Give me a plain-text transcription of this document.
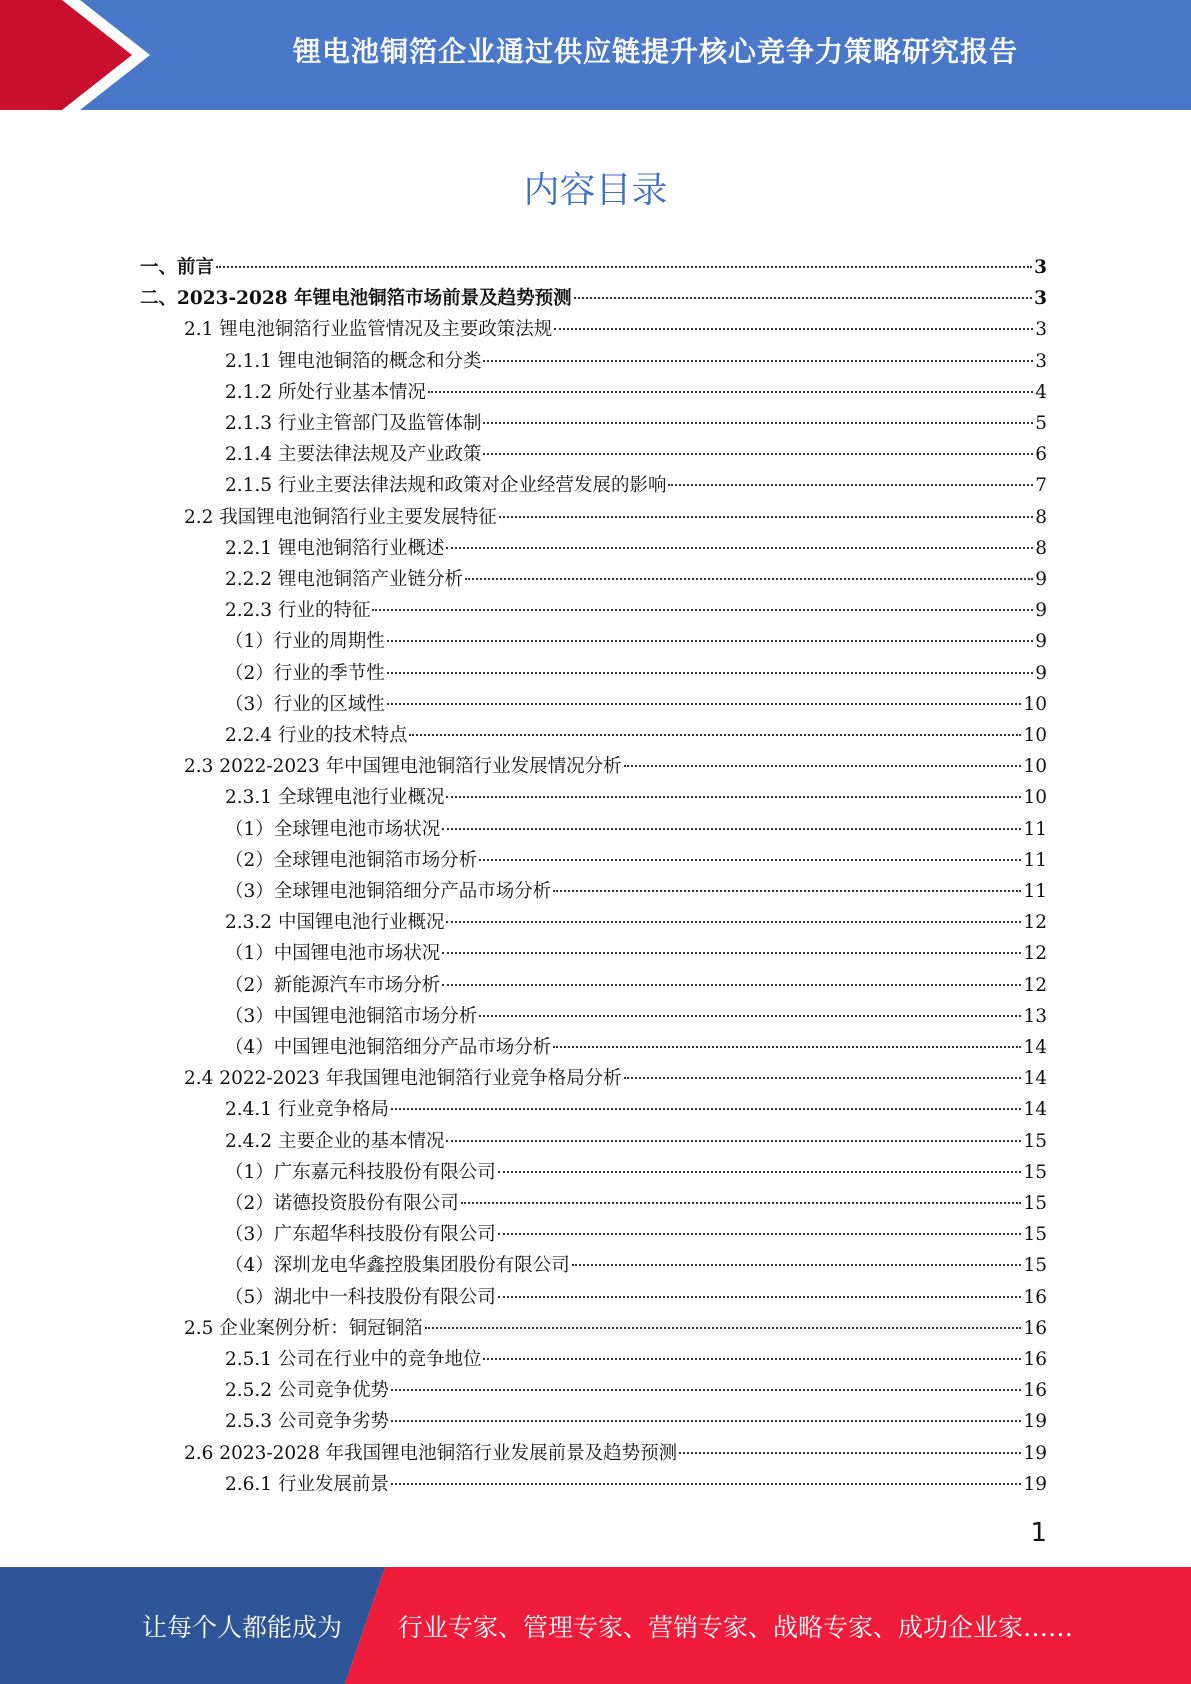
锂电池铜箔企业通过供应链提升核心竞争力策略研究报告
内容目录
一、前言	3
二、2023-2028 年锂电池铜箔市场前景及趋势预测	3
2.1 锂电池铜箔行业监管情况及主要政策法规	3
2.1.1 锂电池铜箔的概念和分类	3
2.1.2 所处行业基本情况	4
2.1.3 行业主管部门及监管体制	5
2.1.4 主要法律法规及产业政策	6
2.1.5 行业主要法律法规和政策对企业经营发展的影响	7
2.2 我国锂电池铜箔行业主要发展特征	8
2.2.1 锂电池铜箔行业概述	8
2.2.2 锂电池铜箔产业链分析	9
2.2.3 行业的特征	9
（1）行业的周期性	9
（2）行业的季节性	9
（3）行业的区域性	10
2.2.4 行业的技术特点	10
2.3 2022-2023 年中国锂电池铜箔行业发展情况分析	10
2.3.1 全球锂电池行业概况	10
（1）全球锂电池市场状况	11
（2）全球锂电池铜箔市场分析	11
（3）全球锂电池铜箔细分产品市场分析	11
2.3.2 中国锂电池行业概况	12
（1）中国锂电池市场状况	12
（2）新能源汽车市场分析	12
（3）中国锂电池铜箔市场分析	13
（4）中国锂电池铜箔细分产品市场分析	14
2.4 2022-2023 年我国锂电池铜箔行业竞争格局分析	14
2.4.1 行业竞争格局	14
2.4.2 主要企业的基本情况	15
（1）广东嘉元科技股份有限公司	15
（2）诺德投资股份有限公司	15
（3）广东超华科技股份有限公司	15
（4）深圳龙电华鑫控股集团股份有限公司	15
（5）湖北中一科技股份有限公司	16
2.5 企业案例分析：铜冠铜箔	16
2.5.1 公司在行业中的竞争地位	16
2.5.2 公司竞争优势	16
2.5.3 公司竞争劣势	19
2.6 2023-2028 年我国锂电池铜箔行业发展前景及趋势预测	19
2.6.1 行业发展前景	19
1
让每个人都能成为 行业专家、管理专家、营销专家、战略专家、成功企业家……
